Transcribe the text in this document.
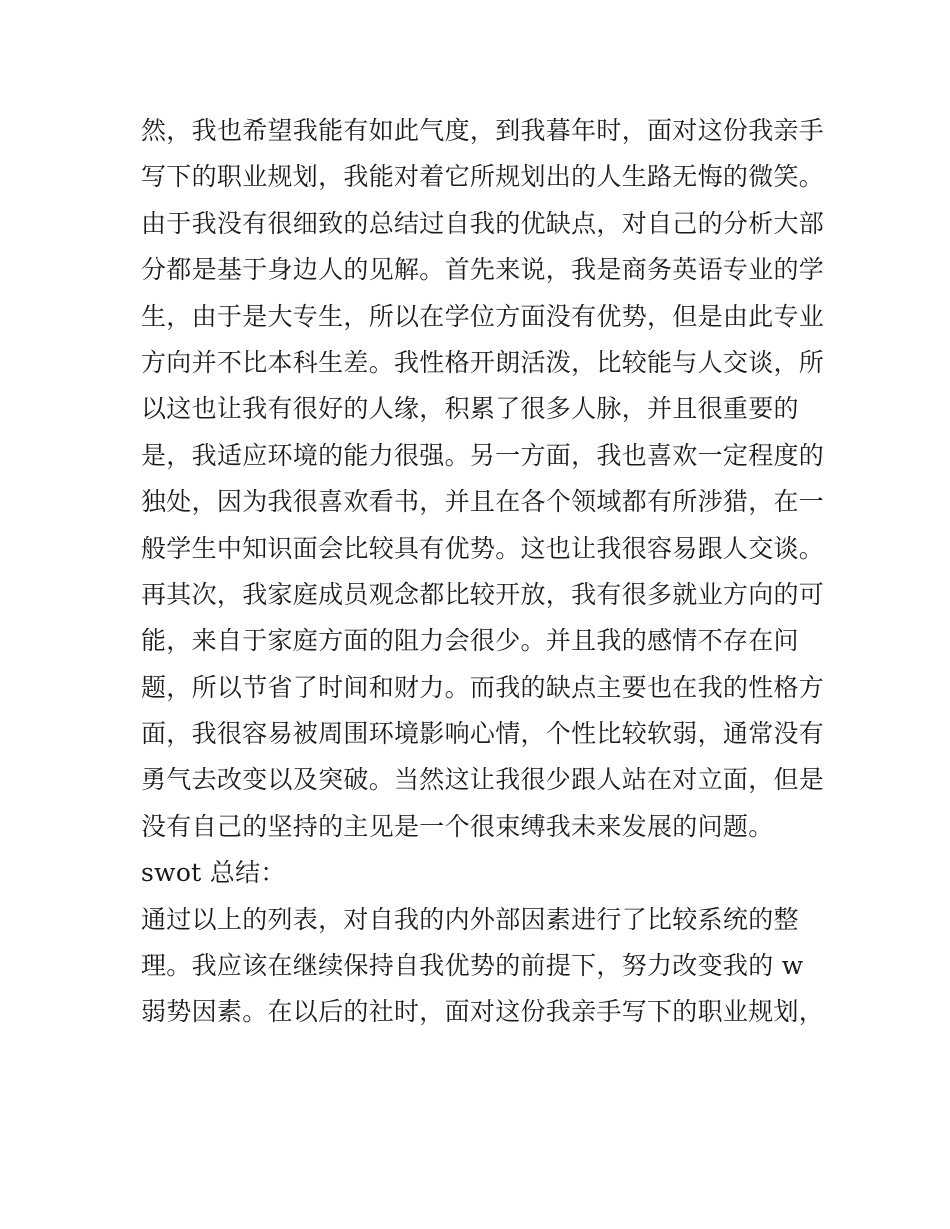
然，我也希望我能有如此气度，到我暮年时，面对这份我亲手
写下的职业规划，我能对着它所规划出的人生路无悔的微笑。
由于我没有很细致的总结过自我的优缺点，对自己的分析大部
分都是基于身边人的见解。首先来说，我是商务英语专业的学
生，由于是大专生，所以在学位方面没有优势，但是由此专业
方向并不比本科生差。我性格开朗活泼，比较能与人交谈，所
以这也让我有很好的人缘，积累了很多人脉，并且很重要的
是，我适应环境的能力很强。另一方面，我也喜欢一定程度的
独处，因为我很喜欢看书，并且在各个领域都有所涉猎，在一
般学生中知识面会比较具有优势。这也让我很容易跟人交谈。
再其次，我家庭成员观念都比较开放，我有很多就业方向的可
能，来自于家庭方面的阻力会很少。并且我的感情不存在问
题，所以节省了时间和财力。而我的缺点主要也在我的性格方
面，我很容易被周围环境影响心情，个性比较软弱，通常没有
勇气去改变以及突破。当然这让我很少跟人站在对立面，但是
没有自己的坚持的主见是一个很束缚我未来发展的问题。
swot 总结：
通过以上的列表，对自我的内外部因素进行了比较系统的整
理。我应该在继续保持自我优势的前提下，努力改变我的 w
弱势因素。在以后的社时，面对这份我亲手写下的职业规划，
